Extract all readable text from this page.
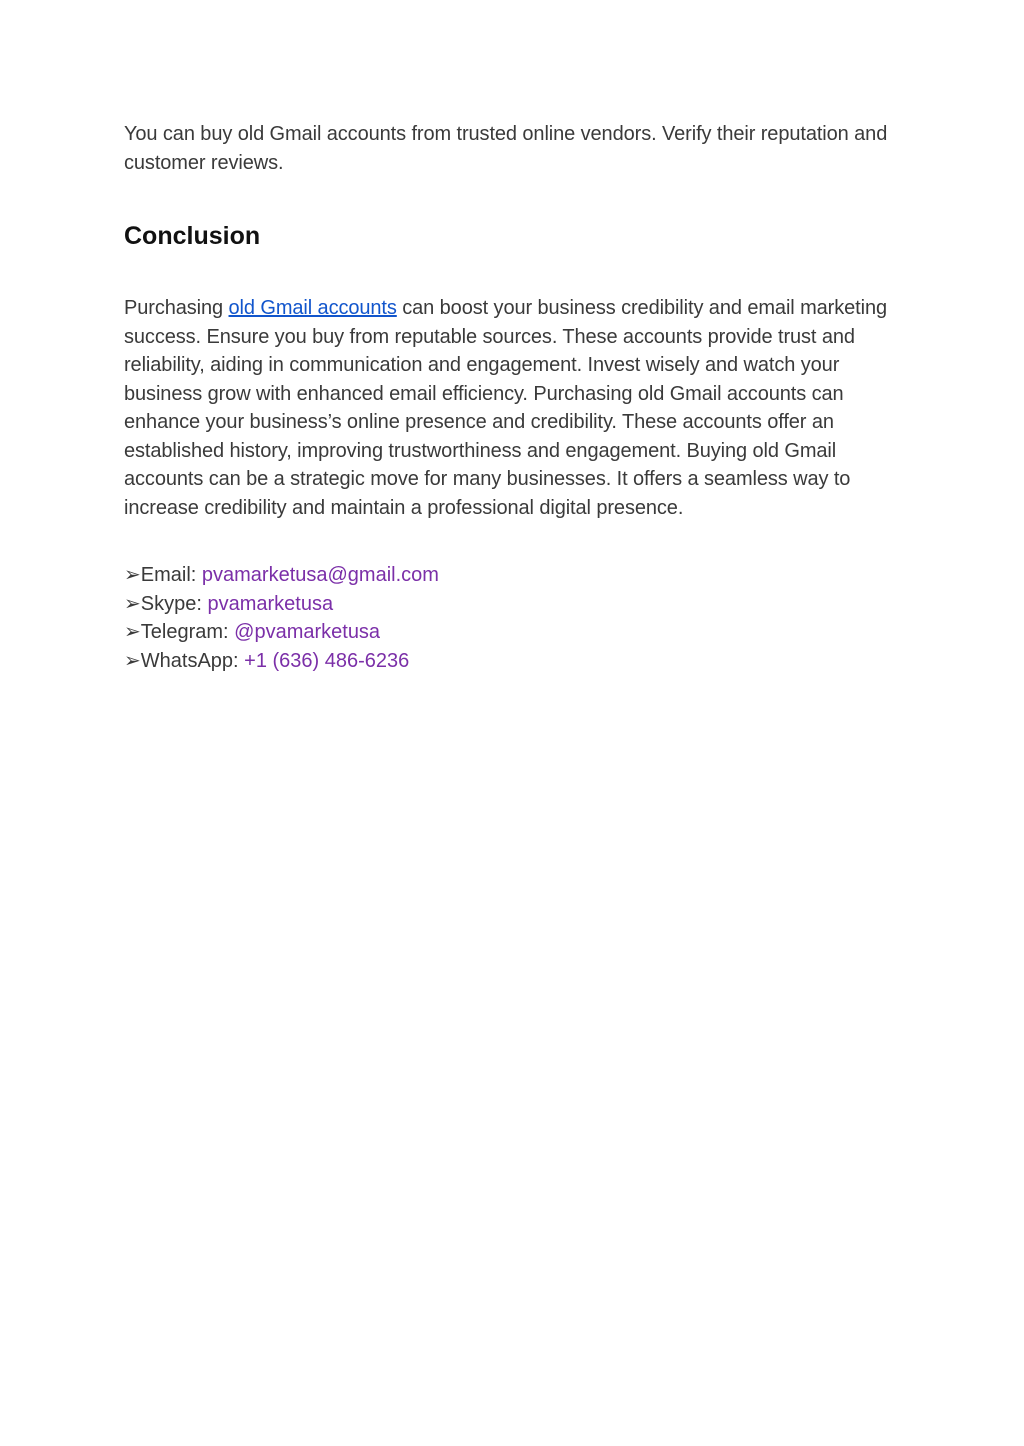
You can buy old Gmail accounts from trusted online vendors. Verify their reputation and customer reviews.

Conclusion

Purchasing old Gmail accounts can boost your business credibility and email marketing success. Ensure you buy from reputable sources. These accounts provide trust and reliability, aiding in communication and engagement. Invest wisely and watch your business grow with enhanced email efficiency. Purchasing old Gmail accounts can enhance your business’s online presence and credibility. These accounts offer an established history, improving trustworthiness and engagement. Buying old Gmail accounts can be a strategic move for many businesses. It offers a seamless way to increase credibility and maintain a professional digital presence.

➢Email: pvamarketusa@gmail.com

➢Skype: pvamarketusa

➢Telegram: @pvamarketusa

➢WhatsApp: +1 (636) 486-6236
